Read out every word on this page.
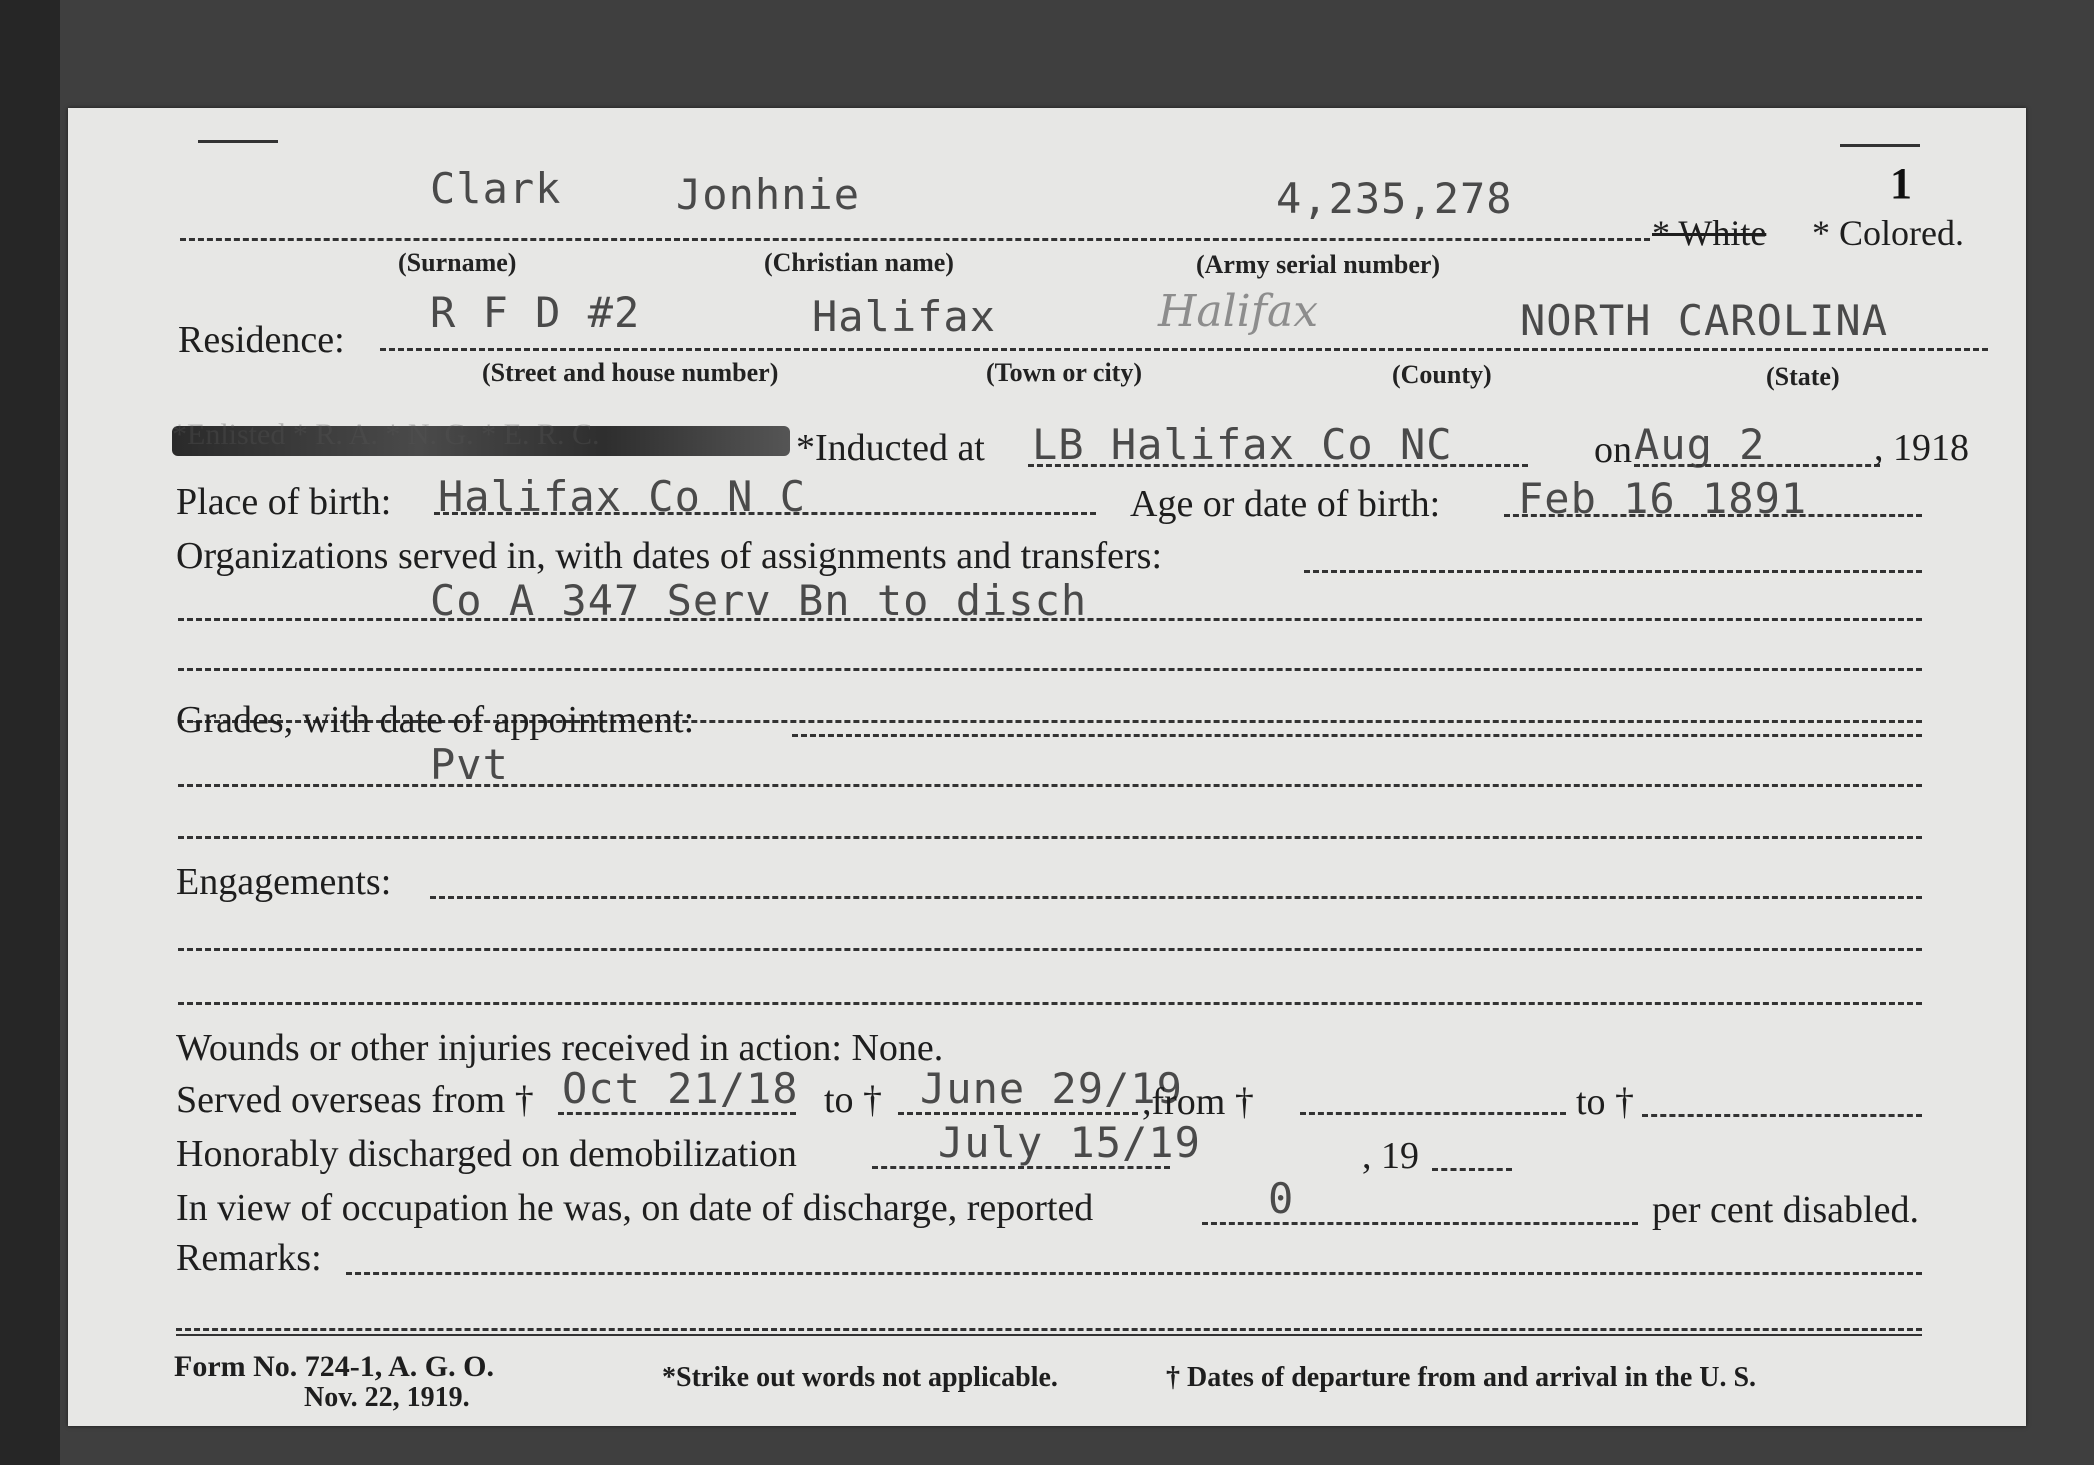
1
Clark	Jonhnie	4,235,278
* White * Colored.
(Surname)	(Christian name)	(Army serial number)
Residence:
R F D #2	Halifax	Halifax	NORTH CAROLINA
(Street and house number)	(Town or city)	(County)	(State)
*Enlisted * R. A. * N. G. * E. R. C.	*Inducted at LB Halifax Co NC	on Aug 2	, 1918
Place of birth: Halifax Co N C	Age or date of birth: Feb 16 1891
Organizations served in, with dates of assignments and transfers:
Co A 347 Serv Bn to disch
Grades, with date of appointment:
Pvt
Engagements:
Wounds or other injuries received in action: None.
Served overseas from † Oct 21/18 to † June 29/19
,from †	to †
Honorably discharged on demobilization	July 15/19	, 19
In view of occupation he was, on date of discharge, reported	0	per cent disabled.
Remarks:
Form No. 724-1, A. G. O.
Nov. 22, 1919.
*Strike out words not applicable.	† Dates of departure from and arrival in the U. S.
